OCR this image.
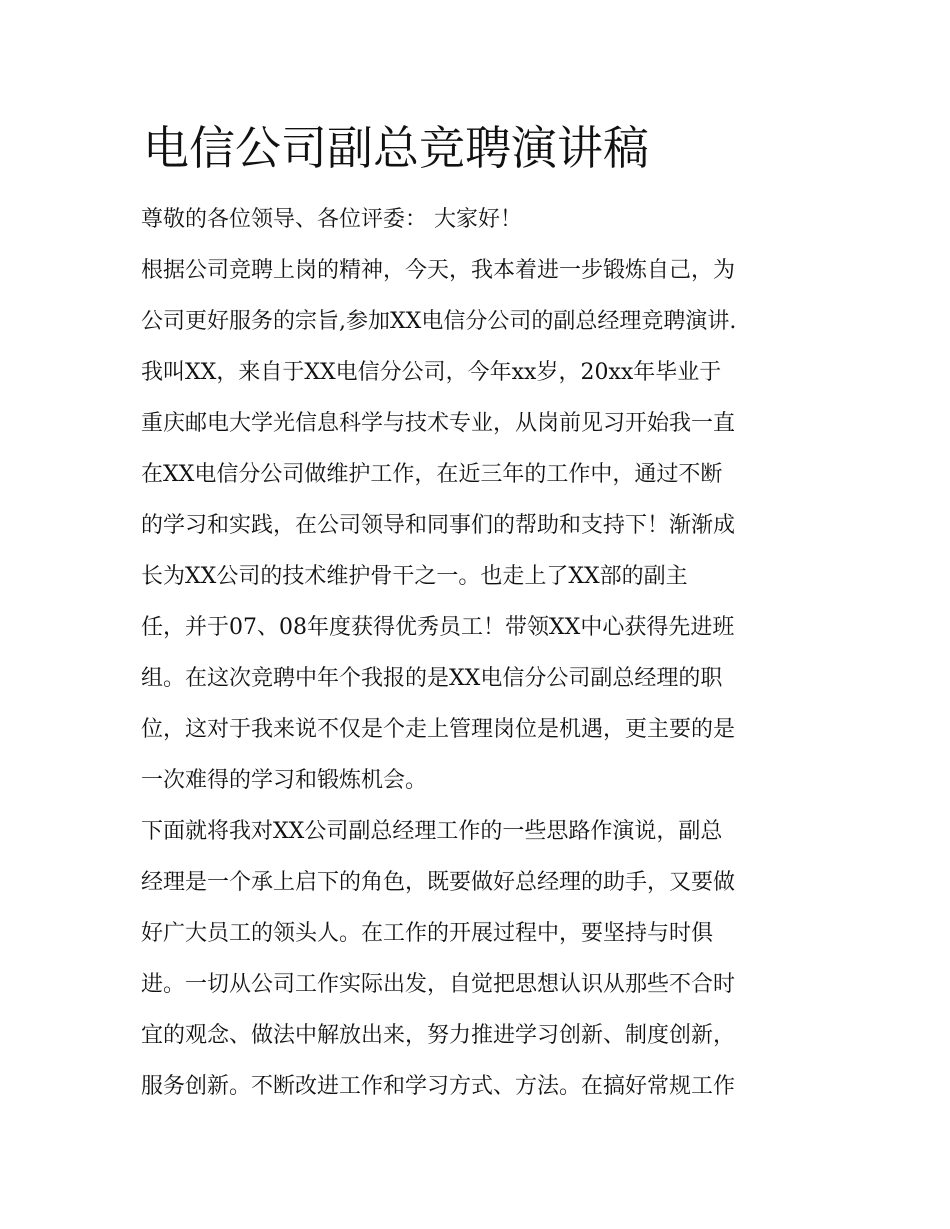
电信公司副总竞聘演讲稿

尊敬的各位领导、各位评委： 大家好！

根据公司竞聘上岗的精神，今天，我本着进一步锻炼自己，为

公司更好服务的宗旨,参加XX电信分公司的副总经理竞聘演讲.

我叫XX，来自于XX电信分公司，今年xx岁，20xx年毕业于

重庆邮电大学光信息科学与技术专业，从岗前见习开始我一直

在XX电信分公司做维护工作，在近三年的工作中，通过不断

的学习和实践，在公司领导和同事们的帮助和支持下！渐渐成

长为XX公司的技术维护骨干之一。也走上了XX部的副主

任，并于07、08年度获得优秀员工！带领XX中心获得先进班

组。在这次竞聘中年个我报的是XX电信分公司副总经理的职

位，这对于我来说不仅是个走上管理岗位是机遇，更主要的是

一次难得的学习和锻炼机会。

下面就将我对XX公司副总经理工作的一些思路作演说，副总

经理是一个承上启下的角色，既要做好总经理的助手，又要做

好广大员工的领头人。在工作的开展过程中，要坚持与时俱

进。一切从公司工作实际出发，自觉把思想认识从那些不合时

宜的观念、做法中解放出来，努力推进学习创新、制度创新，

服务创新。不断改进工作和学习方式、方法。在搞好常规工作
